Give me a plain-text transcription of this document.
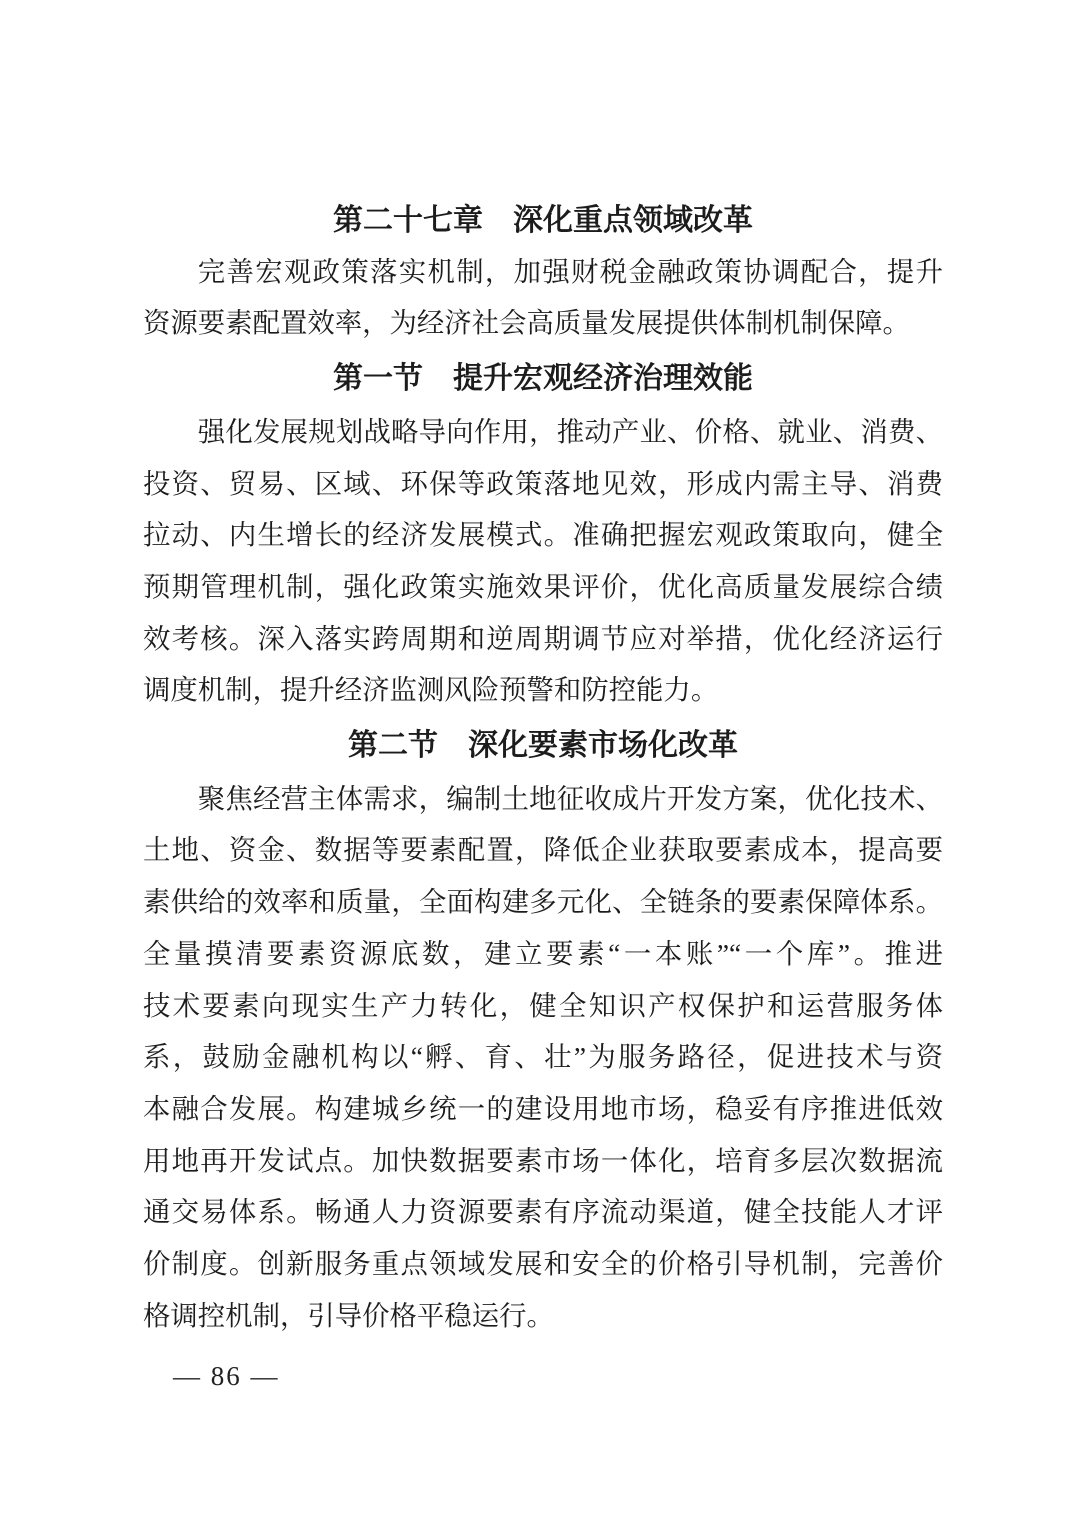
第二十七章　深化重点领域改革
完善宏观政策落实机制，加强财税金融政策协调配合，提升
资源要素配置效率，为经济社会高质量发展提供体制机制保障。
第一节　提升宏观经济治理效能
强化发展规划战略导向作用，推动产业、价格、就业、消费、
投资、贸易、区域、环保等政策落地见效，形成内需主导、消费
拉动、内生增长的经济发展模式。准确把握宏观政策取向，健全
预期管理机制，强化政策实施效果评价，优化高质量发展综合绩
效考核。深入落实跨周期和逆周期调节应对举措，优化经济运行
调度机制，提升经济监测风险预警和防控能力。
第二节　深化要素市场化改革
聚焦经营主体需求，编制土地征收成片开发方案，优化技术、
土地、资金、数据等要素配置，降低企业获取要素成本，提高要
素供给的效率和质量，全面构建多元化、全链条的要素保障体系。
全量摸清要素资源底数，建立要素“一本账”“一个库”。推进
技术要素向现实生产力转化，健全知识产权保护和运营服务体
系，鼓励金融机构以“孵、育、壮”为服务路径，促进技术与资
本融合发展。构建城乡统一的建设用地市场，稳妥有序推进低效
用地再开发试点。加快数据要素市场一体化，培育多层次数据流
通交易体系。畅通人力资源要素有序流动渠道，健全技能人才评
价制度。创新服务重点领域发展和安全的价格引导机制，完善价
格调控机制，引导价格平稳运行。
— 86 —
